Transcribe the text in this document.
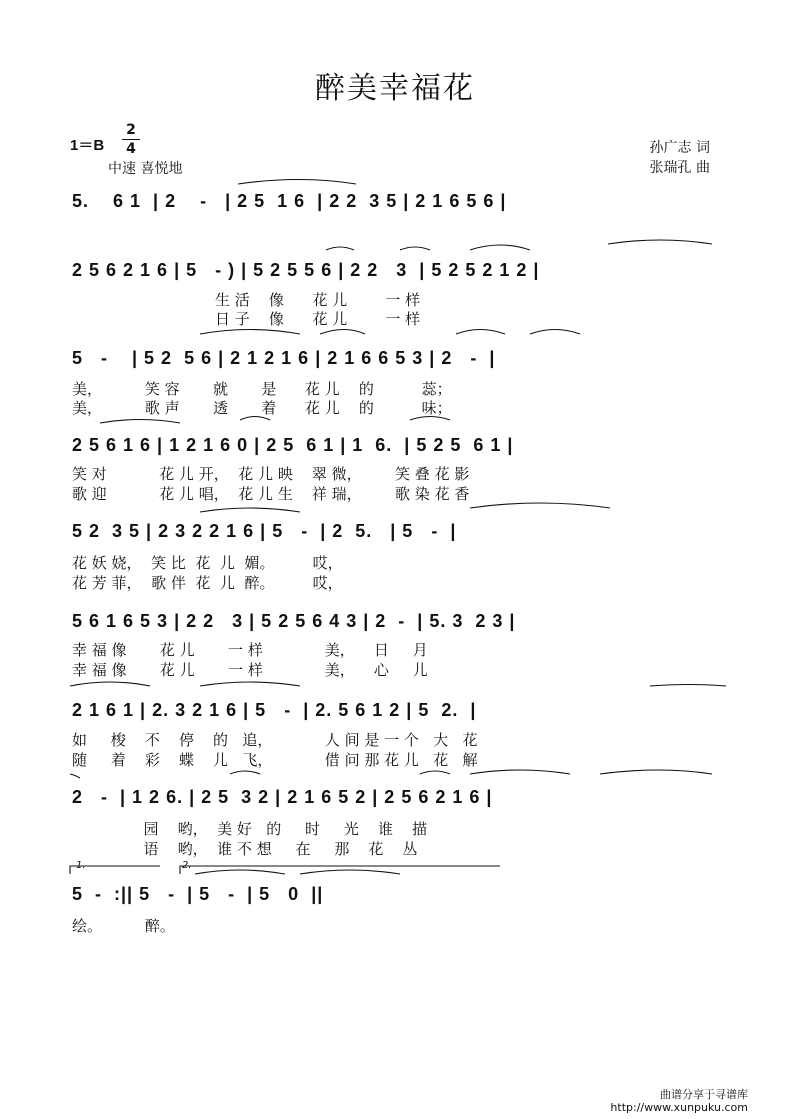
醉美幸福花
1＝B
2
4
中速 喜悦地
孙广志 词
张瑞孔 曲
5.    6 1  | 2    -   | 2 5  1 6  | 2 2  3 5 | 2 1 6 5 6 |
2 5 6 2 1 6 | 5   - ) | 5 2 5 5 6 | 2 2   3  | 5 2 5 2 1 2 |
生 活    像      花 儿        一 样
日 子    像      花 儿        一 样
5   -    | 5 2  5 6 | 2 1 2 1 6 | 2 1 6 6 5 3 | 2   -  |
美，         笑 容       就       是      花 儿    的          蕊；
美，         歌 声       透       着      花 儿    的          味；
2 5 6 1 6 | 1 2 1 6 0 | 2 5  6 1 | 1  6.  | 5 2 5  6 1 |
笑 对           花 儿 开，  花 儿 映    翠 微，       笑 叠 花 影
歌 迎           花 儿 唱，  花 儿 生    祥 瑞，       歌 染 花 香
5 2  3 5 | 2 3 2 2 1 6 | 5   -  | 2  5.   | 5   -  |
花 妖 娆，  笑 比  花  儿  媚。        哎，
花 芳 菲，  歌 伴  花  儿  醉。        哎，
5 6 1 6 5 3 | 2 2   3 | 5 2 5 6 4 3 | 2  -  | 5. 3  2 3 |
幸 福 像       花 儿       一 样             美，    日     月
幸 福 像       花 儿       一 样             美，    心     儿
2 1 6 1 | 2. 3 2 1 6 | 5   -  | 2. 5 6 1 2 | 5  2.  |
如     梭    不    停    的   追，           人 间 是 一 个   大   花
随     着    彩    蝶    儿   飞，           借 问 那 花 儿   花   解
2   -  | 1 2 6. | 2 5  3 2 | 2 1 6 5 2 | 2 5 6 2 1 6 |
园    哟，  美 好   的     时     光    谁    描
语    哟，  谁 不 想     在     那    花    丛
1.	2.
5  -  :|| 5   -  | 5   -  | 5   0  ||
绘。         醉。
曲谱分享于寻谱库
http://www.xunpuku.com
